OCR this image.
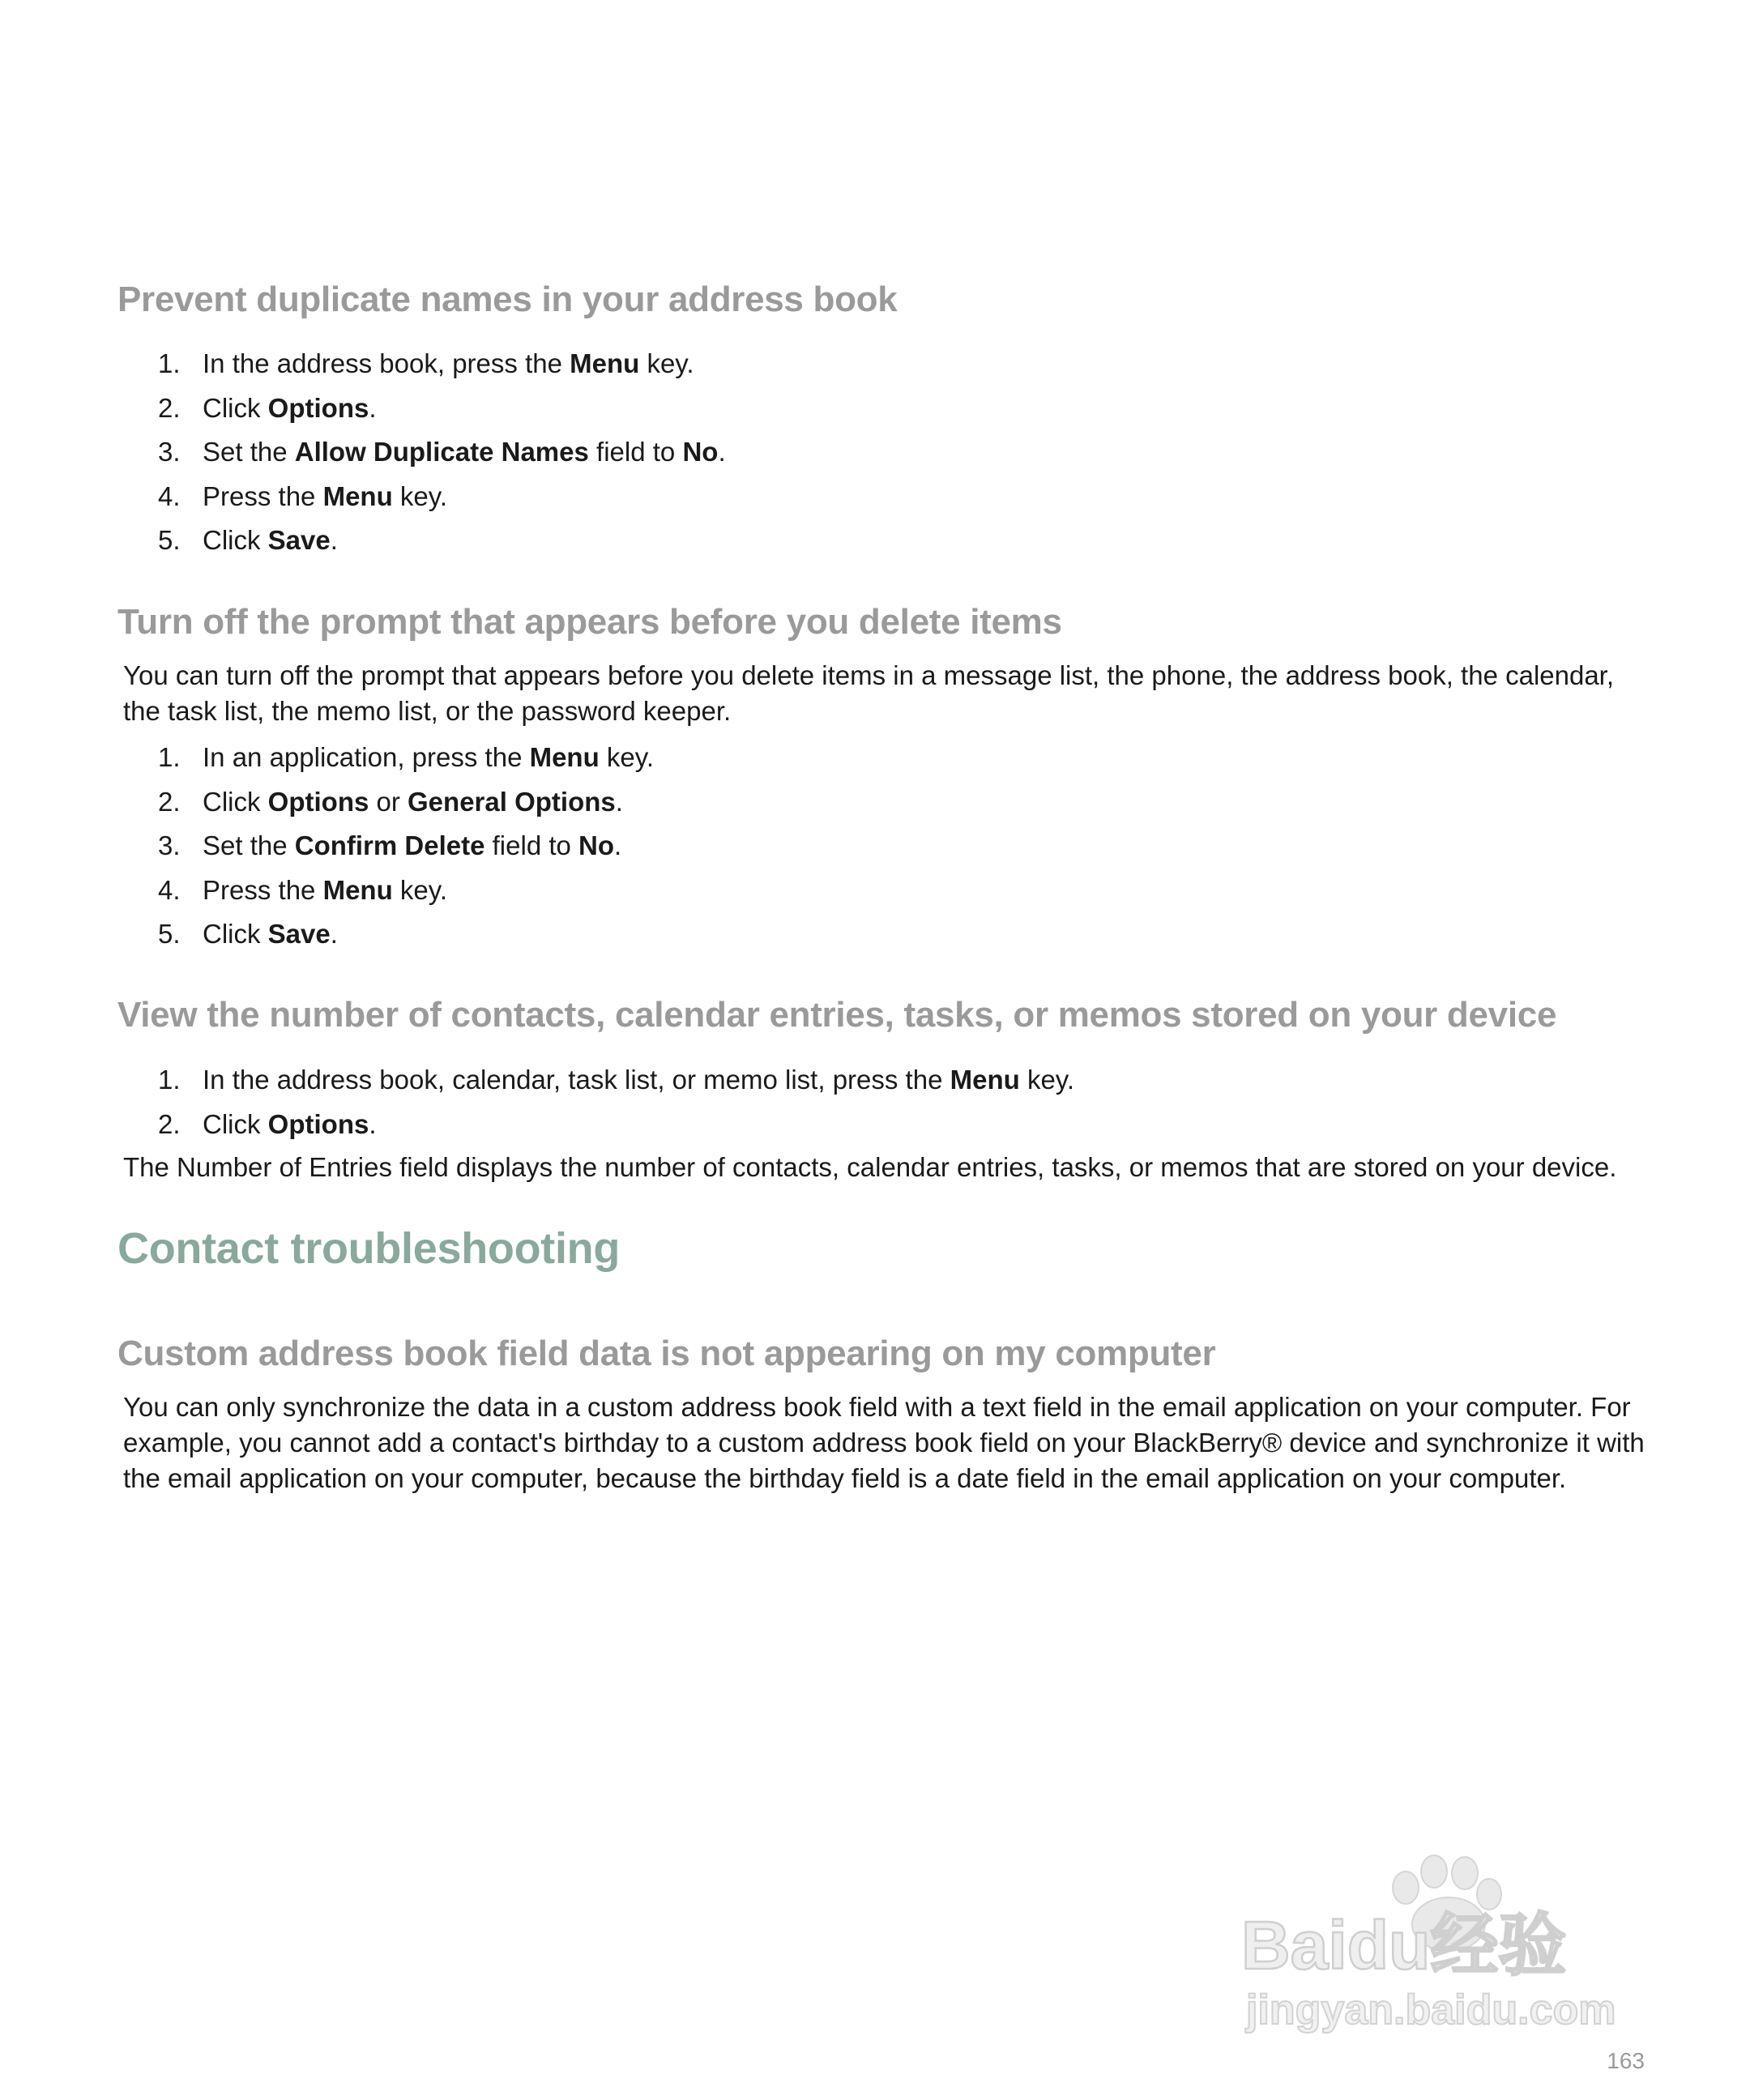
Prevent duplicate names in your address book
1. In the address book, press the Menu key.
2. Click Options.
3. Set the Allow Duplicate Names field to No.
4. Press the Menu key.
5. Click Save.
Turn off the prompt that appears before you delete items

You can turn off the prompt that appears before you delete items in a message list, the phone, the address book, the calendar, the task list, the memo list, or the password keeper.

1. In an application, press the Menu key.
2. Click Options or General Options.
3. Set the Confirm Delete field to No.
4. Press the Menu key.
5. Click Save.
View the number of contacts, calendar entries, tasks, or memos stored on your device
1. In the address book, calendar, task list, or memo list, press the Menu key.
2. Click Options.

The Number of Entries field displays the number of contacts, calendar entries, tasks, or memos that are stored on your device.

Contact troubleshooting
Custom address book field data is not appearing on my computer

You can only synchronize the data in a custom address book field with a text field in the email application on your computer. For example, you cannot add a contact's birthday to a custom address book field on your BlackBerry® device and synchronize it with the email application on your computer, because the birthday field is a date field in the email application on your computer.

Baidu经验
jingyan.baidu.com
163
